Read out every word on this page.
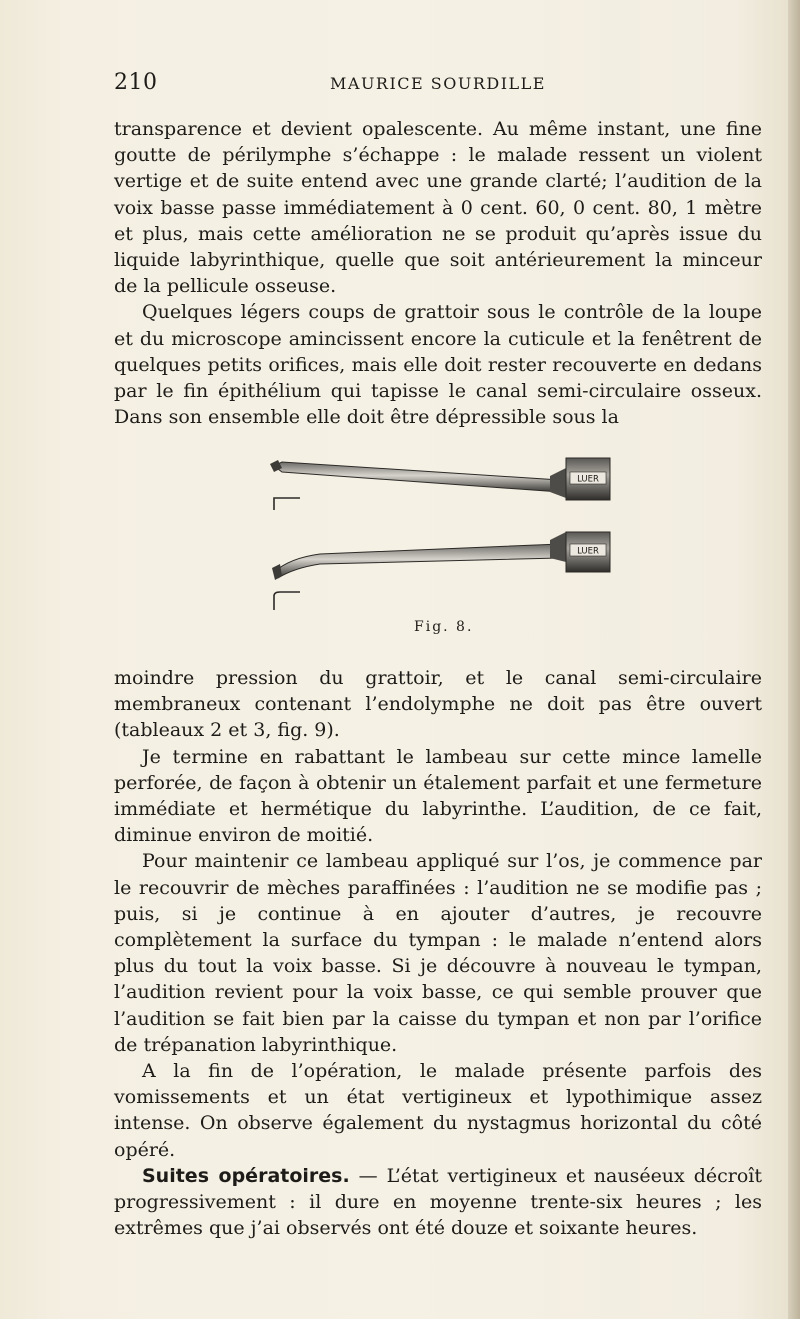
210	MAURICE SOURDILLE

transparence et devient opalescente. Au même instant, une fine goutte de périlymphe s’échappe : le malade ressent un violent vertige et de suite entend avec une grande clarté; l’audition de la voix basse passe immédiatement à 0 cent. 60, 0 cent. 80, 1 mètre et plus, mais cette amélioration ne se produit qu’après issue du liquide labyrinthique, quelle que soit antérieurement la minceur de la pellicule osseuse.

Quelques légers coups de grattoir sous le contrôle de la loupe et du microscope amincissent encore la cuticule et la fenêtrent de quelques petits orifices, mais elle doit rester recouverte en dedans par le fin épithélium qui tapisse le canal semi-circulaire osseux. Dans son ensemble elle doit être dépressible sous la

LUER
LUER
Fig. 8.

moindre pression du grattoir, et le canal semi-circulaire membraneux contenant l’endolymphe ne doit pas être ouvert (tableaux 2 et 3, fig. 9).

Je termine en rabattant le lambeau sur cette mince lamelle perforée, de façon à obtenir un étalement parfait et une fermeture immédiate et hermétique du labyrinthe. L’audition, de ce fait, diminue environ de moitié.

Pour maintenir ce lambeau appliqué sur l’os, je commence par le recouvrir de mèches paraffinées : l’audition ne se modifie pas ; puis, si je continue à en ajouter d’autres, je recouvre complètement la surface du tympan : le malade n’entend alors plus du tout la voix basse. Si je découvre à nouveau le tympan, l’audition revient pour la voix basse, ce qui semble prouver que l’audition se fait bien par la caisse du tympan et non par l’orifice de trépanation labyrinthique.

A la fin de l’opération, le malade présente parfois des vomissements et un état vertigineux et lypothimique assez intense. On observe également du nystagmus horizontal du côté opéré.

Suites opératoires. — L’état vertigineux et nauséeux décroît progressivement : il dure en moyenne trente-six heures ; les extrêmes que j’ai observés ont été douze et soixante heures.
